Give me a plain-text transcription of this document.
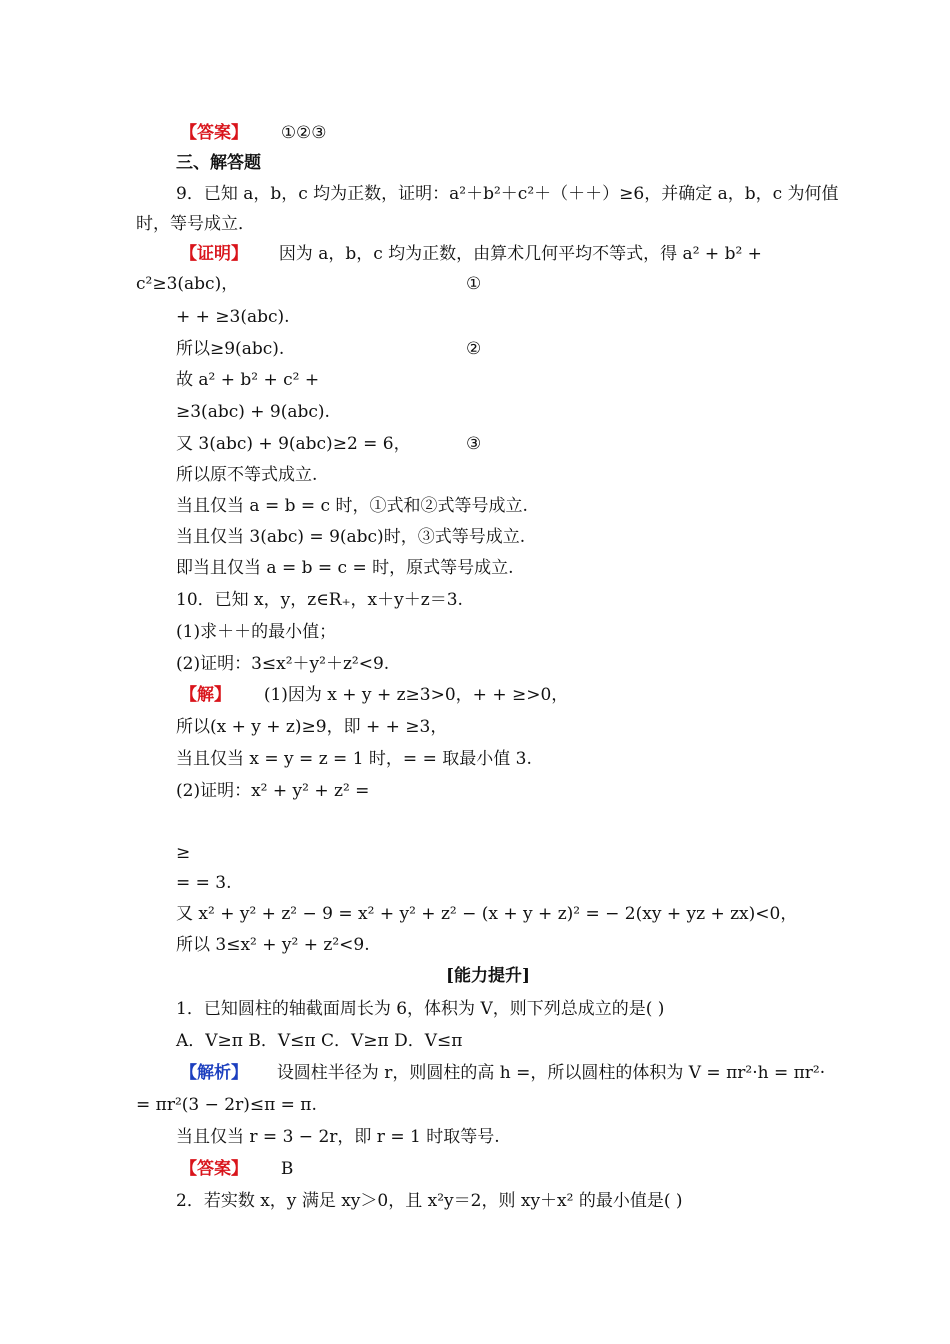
【答案】 ①②③
三、解答题
9．已知 a，b，c 均为正数，证明：a²＋b²＋c²＋（＋＋）≥6，并确定 a，b，c 为何值
时，等号成立．
【证明】 因为 a，b，c 均为正数，由算术几何平均不等式，得 a² + b² +
c²≥3(abc)，	①
+ + ≥3(abc).
所以≥9(abc).	②
故 a² + b² + c² +
≥3(abc) + 9(abc).
又 3(abc) + 9(abc)≥2 = 6，	③
所以原不等式成立.
当且仅当 a = b = c 时，①式和②式等号成立.
当且仅当 3(abc) = 9(abc)时，③式等号成立.
即当且仅当 a = b = c = 时，原式等号成立.
10．已知 x，y，z∈R₊，x＋y＋z＝3.
(1)求＋＋的最小值；
(2)证明：3≤x²＋y²＋z²<9.
【解】 (1)因为 x + y + z≥3>0，+ + ≥>0，
所以(x + y + z)≥9，即 + + ≥3，
当且仅当 x = y = z = 1 时，= = 取最小值 3.
(2)证明：x² + y² + z² =
≥
= = 3.
又 x² + y² + z² − 9 = x² + y² + z² − (x + y + z)² = − 2(xy + yz + zx)<0，
所以 3≤x² + y² + z²<9.
[能力提升]
1．已知圆柱的轴截面周长为 6，体积为 V，则下列总成立的是( )
A．V≥π B．V≤π C．V≥π D．V≤π
【解析】 设圆柱半径为 r，则圆柱的高 h =，所以圆柱的体积为 V = πr²·h = πr²·
= πr²(3 − 2r)≤π = π.
当且仅当 r = 3 − 2r，即 r = 1 时取等号.
【答案】 B
2．若实数 x，y 满足 xy＞0，且 x²y＝2，则 xy＋x² 的最小值是( )
